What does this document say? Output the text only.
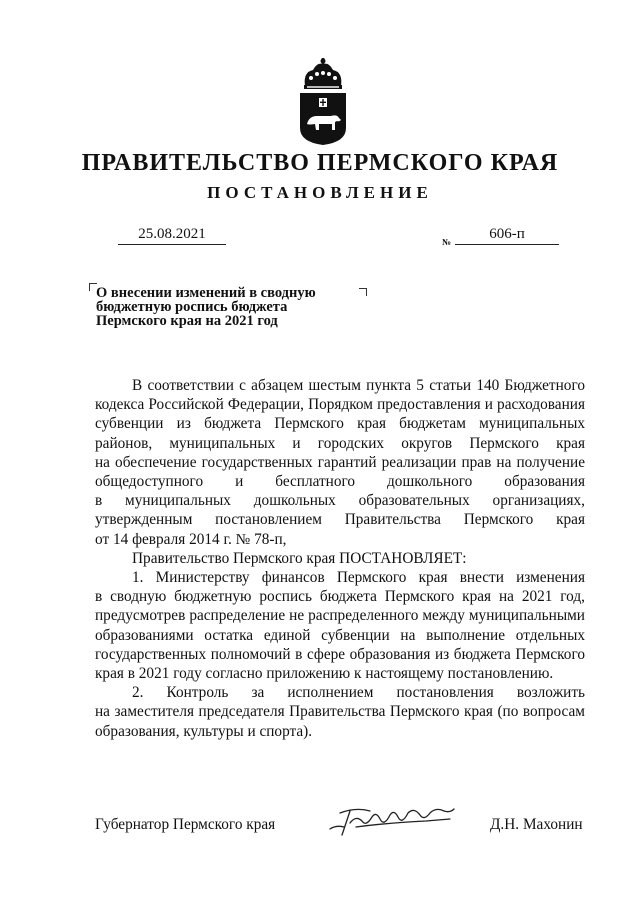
ПРАВИТЕЛЬСТВО ПЕРМСКОГО КРАЯ
ПОСТАНОВЛЕНИЕ
25.08.2021	№	606-п
О внесении изменений в сводную
бюджетную роспись бюджета
Пермского края на 2021 год
В соответствии с абзацем шестым пункта 5 статьи 140 Бюджетного
кодекса Российской Федерации, Порядком предоставления и расходования
субвенции из бюджета Пермского края бюджетам муниципальных
районов, муниципальных и городских округов Пермского края
на обеспечение государственных гарантий реализации прав на получение
общедоступного и бесплатного дошкольного образования
в муниципальных дошкольных образовательных организациях,
утвержденным постановлением Правительства Пермского края
от 14 февраля 2014 г. № 78-п,
Правительство Пермского края ПОСТАНОВЛЯЕТ:
1. Министерству финансов Пермского края внести изменения
в сводную бюджетную роспись бюджета Пермского края на 2021 год,
предусмотрев распределение не распределенного между муниципальными
образованиями остатка единой субвенции на выполнение отдельных
государственных полномочий в сфере образования из бюджета Пермского
края в 2021 году согласно приложению к настоящему постановлению.
2. Контроль за исполнением постановления возложить
на заместителя председателя Правительства Пермского края (по вопросам
образования, культуры и спорта).
Губернатор Пермского края	Д.Н. Махонин
